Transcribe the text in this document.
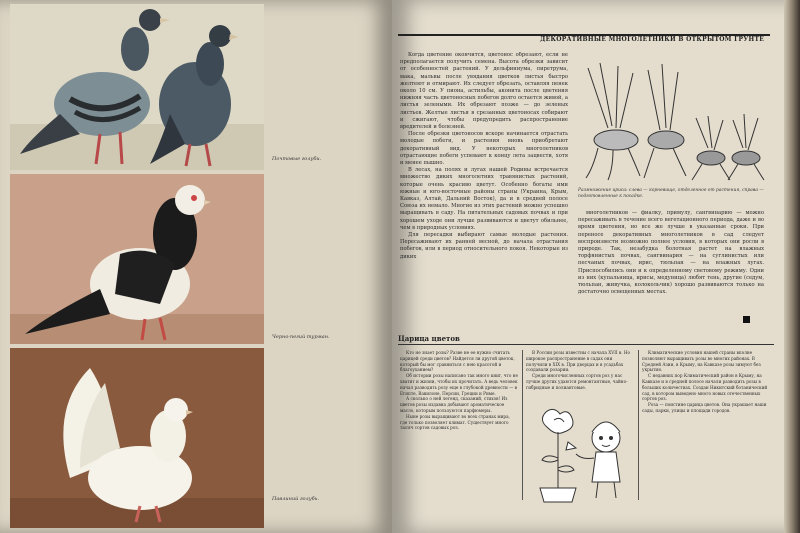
Почтовые голуби.
Черно-пегий турман.
Павлиний голубь.
ДЕКОРАТИВНЫЕ МНОГОЛЕТНИКИ В ОТКРЫТОМ ГРУНТЕ

Когда цветение окончится, цветонос обрезают, если не предполагается получить семена. Высота обрезки зависит от особенностей растений. У дельфиниума, пиретрума, мака, мальвы после увядания цветков листья быстро желтеют и отмирают. Их следует обрезать, оставляя пенек около 10 см. У пиона, астильбы, аконита после цветения нижняя часть цветоносных побегов долго остается живой, а листья зелеными. Их обрезают позже — до зеленых листьев. Желтые листья в срезанных цветоносах собирают и сжигают, чтобы предупредить распространение вредителей и болезней.

После обрезки цветоносов вскоре начинается отрастать молодые побеги, и растения вновь приобретают декоративный вид. У некоторых многолетников отрастающие побеги успевают к концу лета зацвести, хотя и менее пышно.

В лесах, на полях и лугах нашей Родины встречается множество диких многолетних травянистых растений, которые очень красиво цветут. Особенно богаты ими южные и юго-восточные районы страны (Украина, Крым, Кавказ, Алтай, Дальний Восток), да и в средней полосе Союза их немало. Многие из этих растений можно успешно выращивать в саду. На питательных садовых почвах и при хорошем уходе они лучше развиваются и цветут обильнее, чем в природных условиях.

Для пересадки выбирают самые молодые растения. Пересаживают их ранней весной, до начала отрастания побегов, или в период относительного покоя. Некоторые из диких

Размножение ириса: слева — корневище, отделенное от растения, справа — подготовленные к посадке.

многолетников — фиалку, примулу, сангвинарию — можно пересаживать в течение всего вегетационного периода, даже и во время цветения, но все же лучше в указанные сроки. При переносе декоративных многолетников в сад следует воспроизвести возможно полнее условия, в которых они росли в природе. Так, незабудка болотная растет на влажных торфянистых почвах, сангвинария — на суглинистых или песчаных почвах, ирис, тюльпан — на влажных лугах. Приспособились они и к определенному световому режиму. Одни из них (купальница, ирисы, медуница) любят тень, другие (седум, тюльпан, живучка, колокольчик) хорошо развиваются только на достаточно освещенных местах.

Царица цветов

Кто не знает розы? Разве не ее нужно считать царицей среди цветов? Найдется ли другой цветок, который бы мог сравниться с нею красотой и благоуханием?

Об истории розы написано так много книг, что не хватит и жизни, чтобы их прочитать. А ведь человек начал разводить розу еще в глубокой древности — в Египте, Вавилоне, Персии, Греции и Риме.

А сколько о ней легенд, сказаний, стихов! Из цветов розы издавна добывают ароматическое масло, которым пользуются парфюмеры.

Ныне розы выращивают во всех странах мира, где только позволяет климат. Существует много тысяч сортов садовых роз.

В России розы известны с начала XVII в. Но широкое распространение в садах они получили в XIX в. При дворцах и в усадьбах создавали розарии.

Среди многочисленных сортов роз у нас лучше других удаются ремонтантные, чайно-гибридные и полиантовые.

Климатические условия нашей страны вполне позволяют выращивать розы во многих районах. В Средней Азии, в Крыму, на Кавказе розы зимуют без укрытия.

С недавних пор Климатический район в Крыму, на Кавказе и в средней полосе начали разводить розы в больших количествах. Создан Никитский ботанический сад, в котором выведено много новых отечественных сортов роз.

Роза — поистине царица цветов. Она украшает наши сады, парки, улицы и площади городов.
